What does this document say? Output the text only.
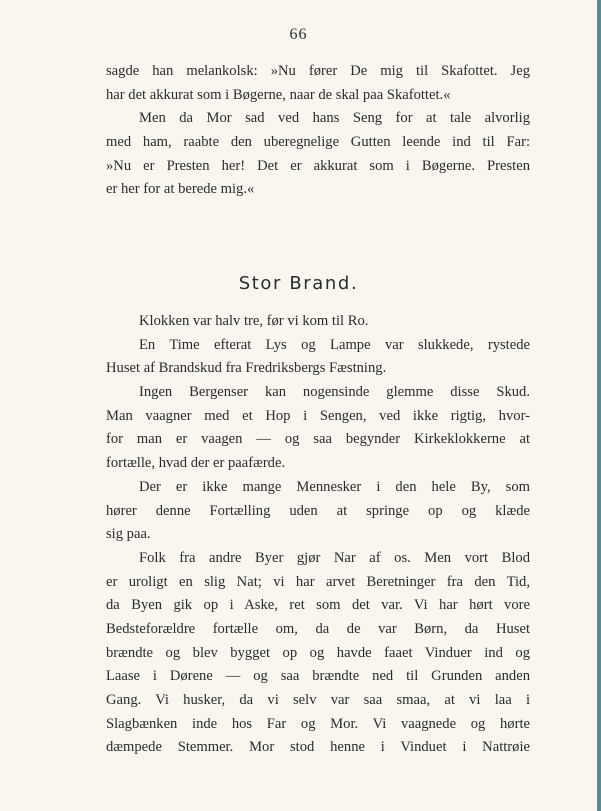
66
sagde han melankolsk: »Nu fører De mig til Skafottet. Jeg
har det akkurat som i Bøgerne, naar de skal paa Skafottet.«
Men da Mor sad ved hans Seng for at tale alvorlig
med ham, raabte den uberegnelige Gutten leende ind til Far:
»Nu er Presten her! Det er akkurat som i Bøgerne. Presten
er her for at berede mig.«
Stor Brand.
Klokken var halv tre, før vi kom til Ro.
En Time efterat Lys og Lampe var slukkede, rystede
Huset af Brandskud fra Fredriksbergs Fæstning.
Ingen Bergenser kan nogensinde glemme disse Skud.
Man vaagner med et Hop i Sengen, ved ikke rigtig, hvor-
for man er vaagen — og saa begynder Kirkeklokkerne at
fortælle, hvad der er paafærde.
Der er ikke mange Mennesker i den hele By, som
hører denne Fortælling uden at springe op og klæde
sig paa.
Folk fra andre Byer gjør Nar af os. Men vort Blod
er uroligt en slig Nat; vi har arvet Beretninger fra den Tid,
da Byen gik op i Aske, ret som det var. Vi har hørt vore
Bedsteforældre fortælle om, da de var Børn, da Huset
brændte og blev bygget op og havde faaet Vinduer ind og
Laase i Dørene — og saa brændte ned til Grunden anden
Gang. Vi husker, da vi selv var saa smaa, at vi laa i
Slagbænken inde hos Far og Mor. Vi vaagnede og hørte
dæmpede Stemmer. Mor stod henne i Vinduet i Nattrøie
